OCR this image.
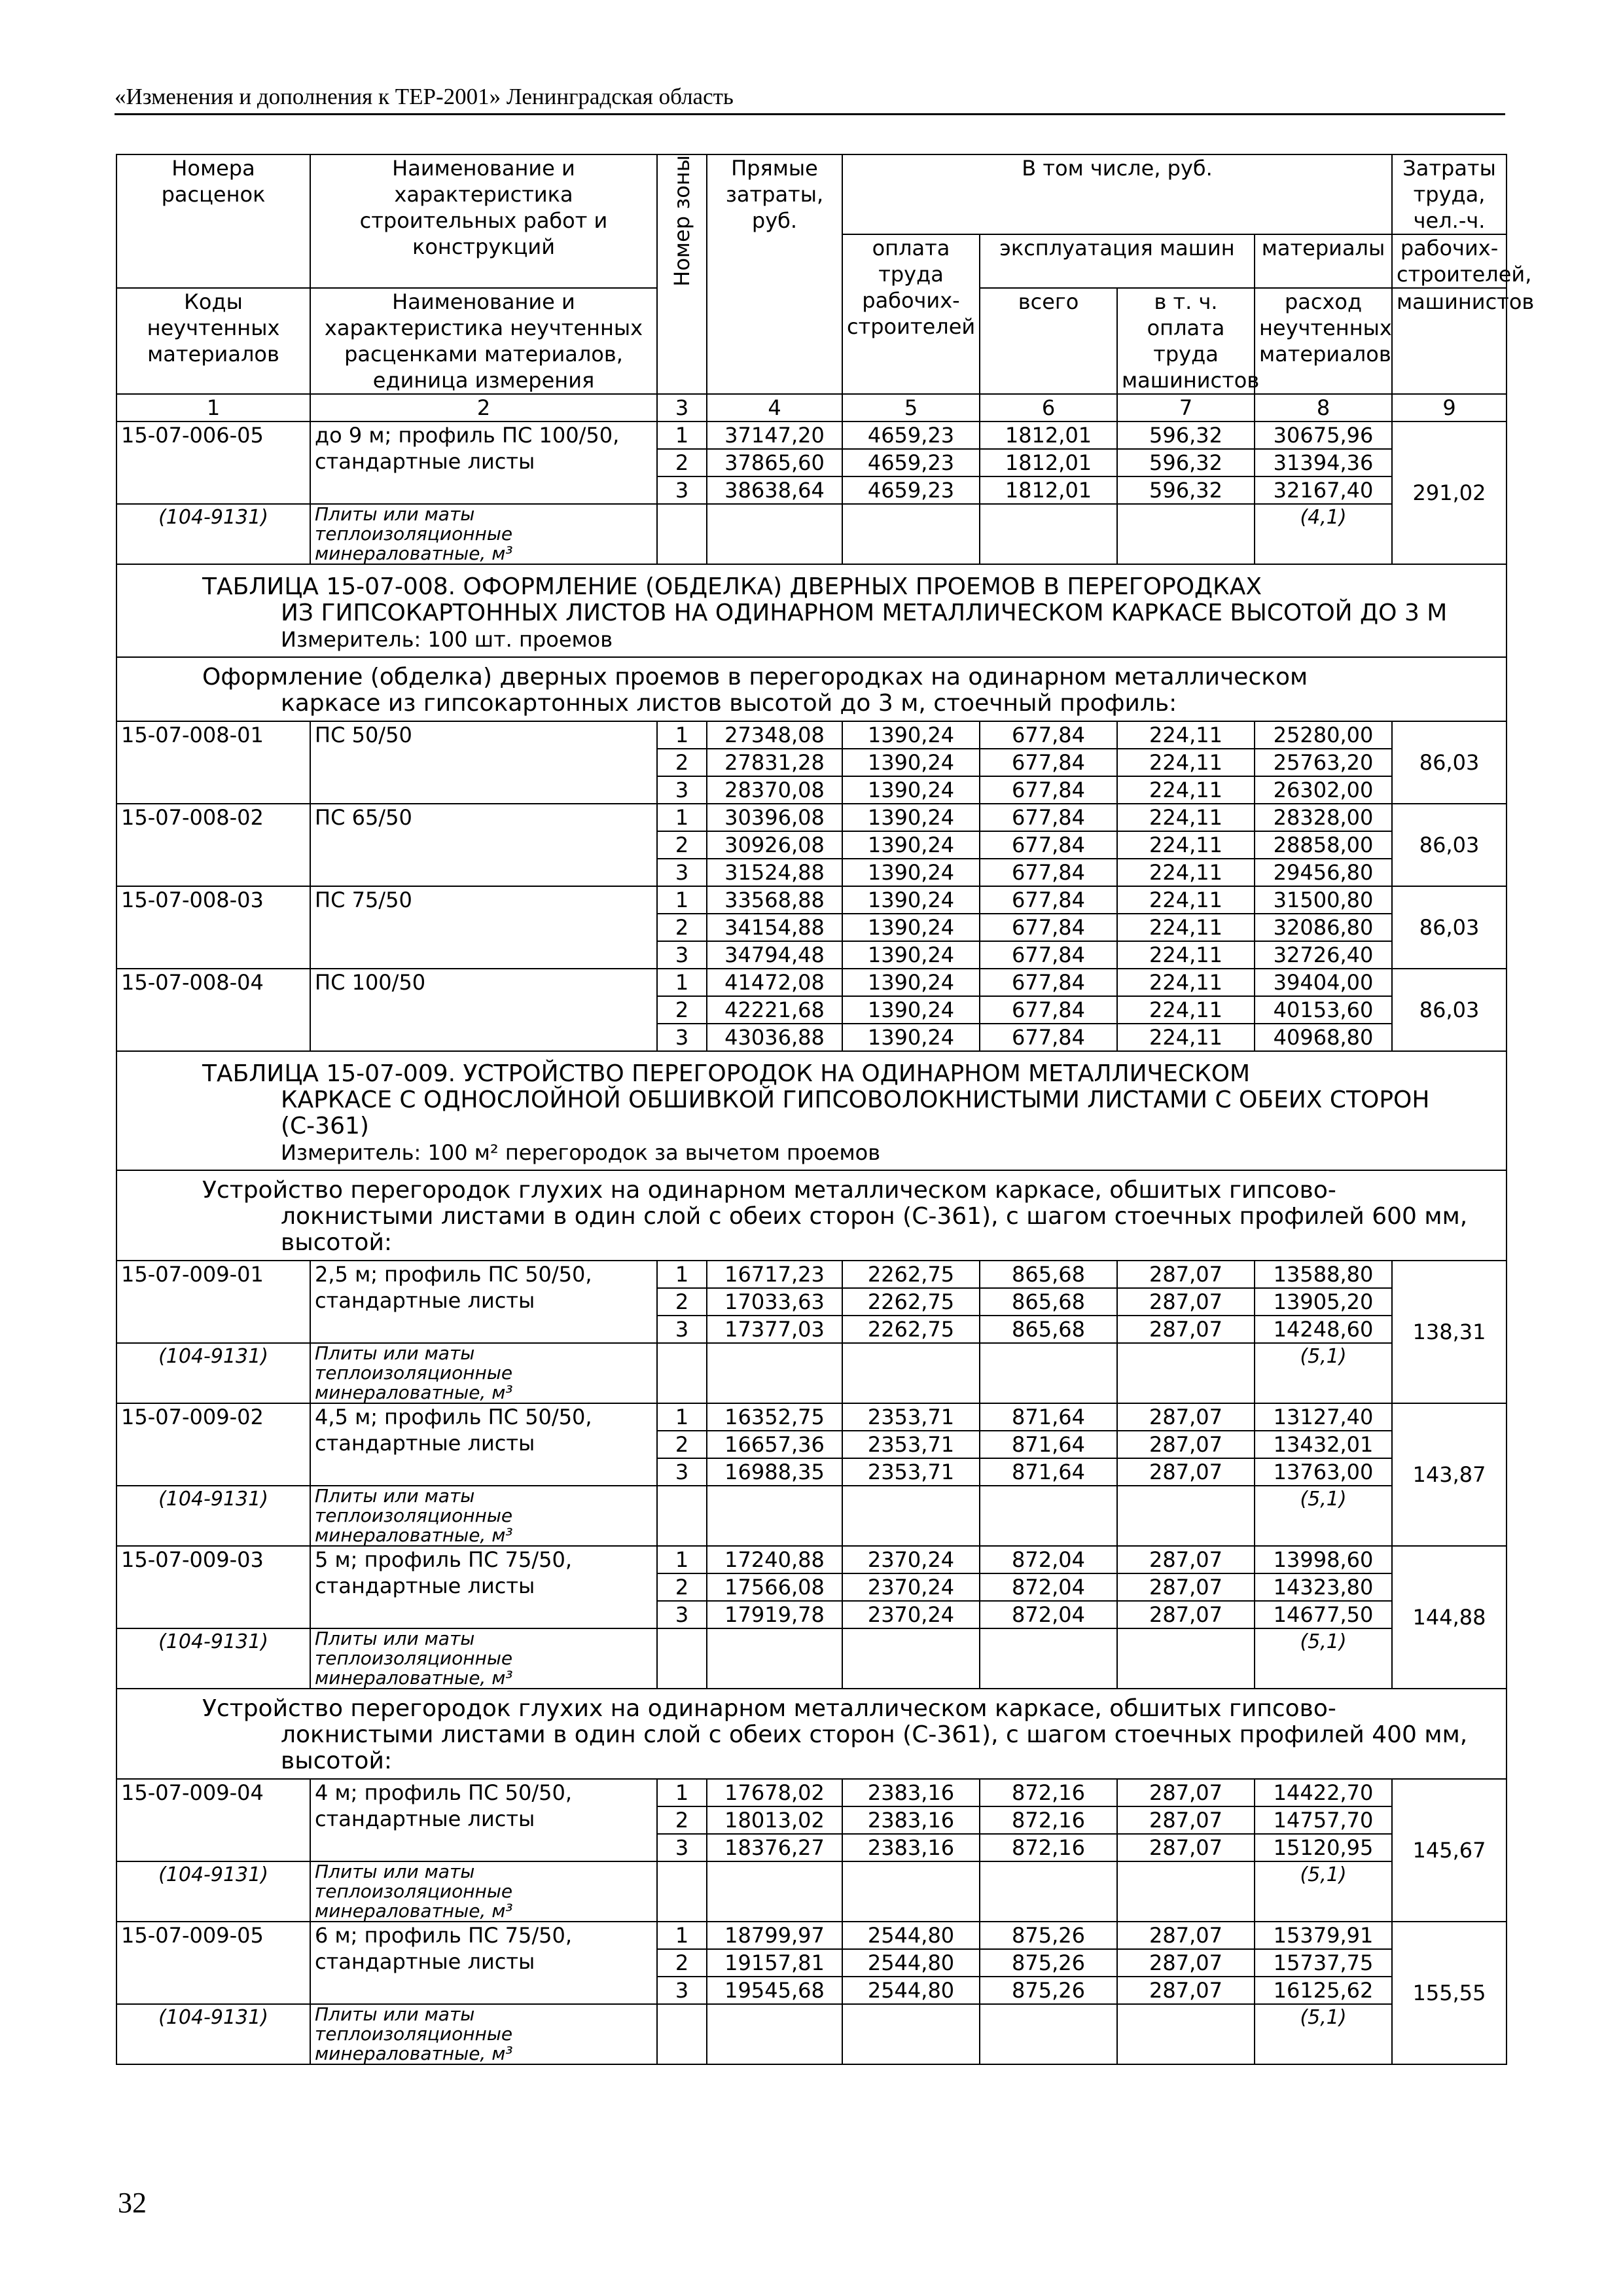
«Изменения и дополнения к ТЕР-2001» Ленинградская область
Номера расценок	Наименование и характеристика строительных работ и конструкций	Номер зоны	Прямые затраты, руб.	В том числе, руб.				Затраты труда, чел.-ч.
				оплата труда рабочих-строителей	эксплуатация машин		материалы	рабочих-строителей,
Коды неучтенных материалов	Наименование и характеристика неучтенных расценками материалов, единица измерения				всего	в т. ч. оплата труда машинистов	расход неучтенных материалов	машинистов

1	2	3	4	5	6	7	8	9
15-07-006-05	до 9 м; профиль ПС 100/50, стандартные листы	1	37147,20	4659,23	1812,01	596,32	30675,96	291,02
		2	37865,60	4659,23	1812,01	596,32	31394,36	
		3	38638,64	4659,23	1812,01	596,32	32167,40	

(104-9131)	Плиты или маты теплоизоляционные минераловатные, м³						(4,1)	

ТАБЛИЦА 15-07-008. ОФОРМЛЕНИЕ (ОБДЕЛКА) ДВЕРНЫХ ПРОЕМОВ В ПЕРЕГОРОДКАХ
ИЗ ГИПСОКАРТОННЫХ ЛИСТОВ НА ОДИНАРНОМ МЕТАЛЛИЧЕСКОМ КАРКАСЕ ВЫСОТОЙ ДО 3 М
Измеритель: 100 шт. проемов								

Оформление (обделка) дверных проемов в перегородках на одинарном металлическом
каркасе из гипсокартонных листов высотой до 3 м, стоечный профиль:								

15-07-008-01	ПС 50/50	1	27348,08	1390,24	677,84	224,11	25280,00	86,03
		2	27831,28	1390,24	677,84	224,11	25763,20	
		3	28370,08	1390,24	677,84	224,11	26302,00	
15-07-008-02	ПС 65/50	1	30396,08	1390,24	677,84	224,11	28328,00	86,03
		2	30926,08	1390,24	677,84	224,11	28858,00	
		3	31524,88	1390,24	677,84	224,11	29456,80	
15-07-008-03	ПС 75/50	1	33568,88	1390,24	677,84	224,11	31500,80	86,03
		2	34154,88	1390,24	677,84	224,11	32086,80	
		3	34794,48	1390,24	677,84	224,11	32726,40	
15-07-008-04	ПС 100/50	1	41472,08	1390,24	677,84	224,11	39404,00	86,03
		2	42221,68	1390,24	677,84	224,11	40153,60	
		3	43036,88	1390,24	677,84	224,11	40968,80	
ТАБЛИЦА 15-07-009. УСТРОЙСТВО ПЕРЕГОРОДОК НА ОДИНАРНОМ МЕТАЛЛИЧЕСКОМ
КАРКАСЕ С ОДНОСЛОЙНОЙ ОБШИВКОЙ ГИПСОВОЛОКНИСТЫМИ ЛИСТАМИ С ОБЕИХ СТОРОН (С-361)
Измеритель: 100 м² перегородок за вычетом проемов								

Устройство перегородок глухих на одинарном металлическом каркасе, обшитых гипсово-
локнистыми листами в один слой с обеих сторон (С-361), с шагом стоечных профилей 600 мм, высотой:								

15-07-009-01	2,5 м; профиль ПС 50/50, стандартные листы	1	16717,23	2262,75	865,68	287,07	13588,80	138,31
		2	17033,63	2262,75	865,68	287,07	13905,20	
		3	17377,03	2262,75	865,68	287,07	14248,60	

(104-9131)	Плиты или маты теплоизоляционные минераловатные, м³						(5,1)	

15-07-009-02	4,5 м; профиль ПС 50/50, стандартные листы	1	16352,75	2353,71	871,64	287,07	13127,40	143,87
		2	16657,36	2353,71	871,64	287,07	13432,01	
		3	16988,35	2353,71	871,64	287,07	13763,00	

(104-9131)	Плиты или маты теплоизоляционные минераловатные, м³						(5,1)	

15-07-009-03	5 м; профиль ПС 75/50, стандартные листы	1	17240,88	2370,24	872,04	287,07	13998,60	144,88
		2	17566,08	2370,24	872,04	287,07	14323,80	
		3	17919,78	2370,24	872,04	287,07	14677,50	

(104-9131)	Плиты или маты теплоизоляционные минераловатные, м³						(5,1)	

Устройство перегородок глухих на одинарном металлическом каркасе, обшитых гипсово-
локнистыми листами в один слой с обеих сторон (С-361), с шагом стоечных профилей 400 мм, высотой:								

15-07-009-04	4 м; профиль ПС 50/50, стандартные листы	1	17678,02	2383,16	872,16	287,07	14422,70	145,67
		2	18013,02	2383,16	872,16	287,07	14757,70	
		3	18376,27	2383,16	872,16	287,07	15120,95	

(104-9131)	Плиты или маты теплоизоляционные минераловатные, м³						(5,1)	

15-07-009-05	6 м; профиль ПС 75/50, стандартные листы	1	18799,97	2544,80	875,26	287,07	15379,91	155,55
		2	19157,81	2544,80	875,26	287,07	15737,75	
		3	19545,68	2544,80	875,26	287,07	16125,62	

(104-9131)	Плиты или маты теплоизоляционные минераловатные, м³						(5,1)	
32
